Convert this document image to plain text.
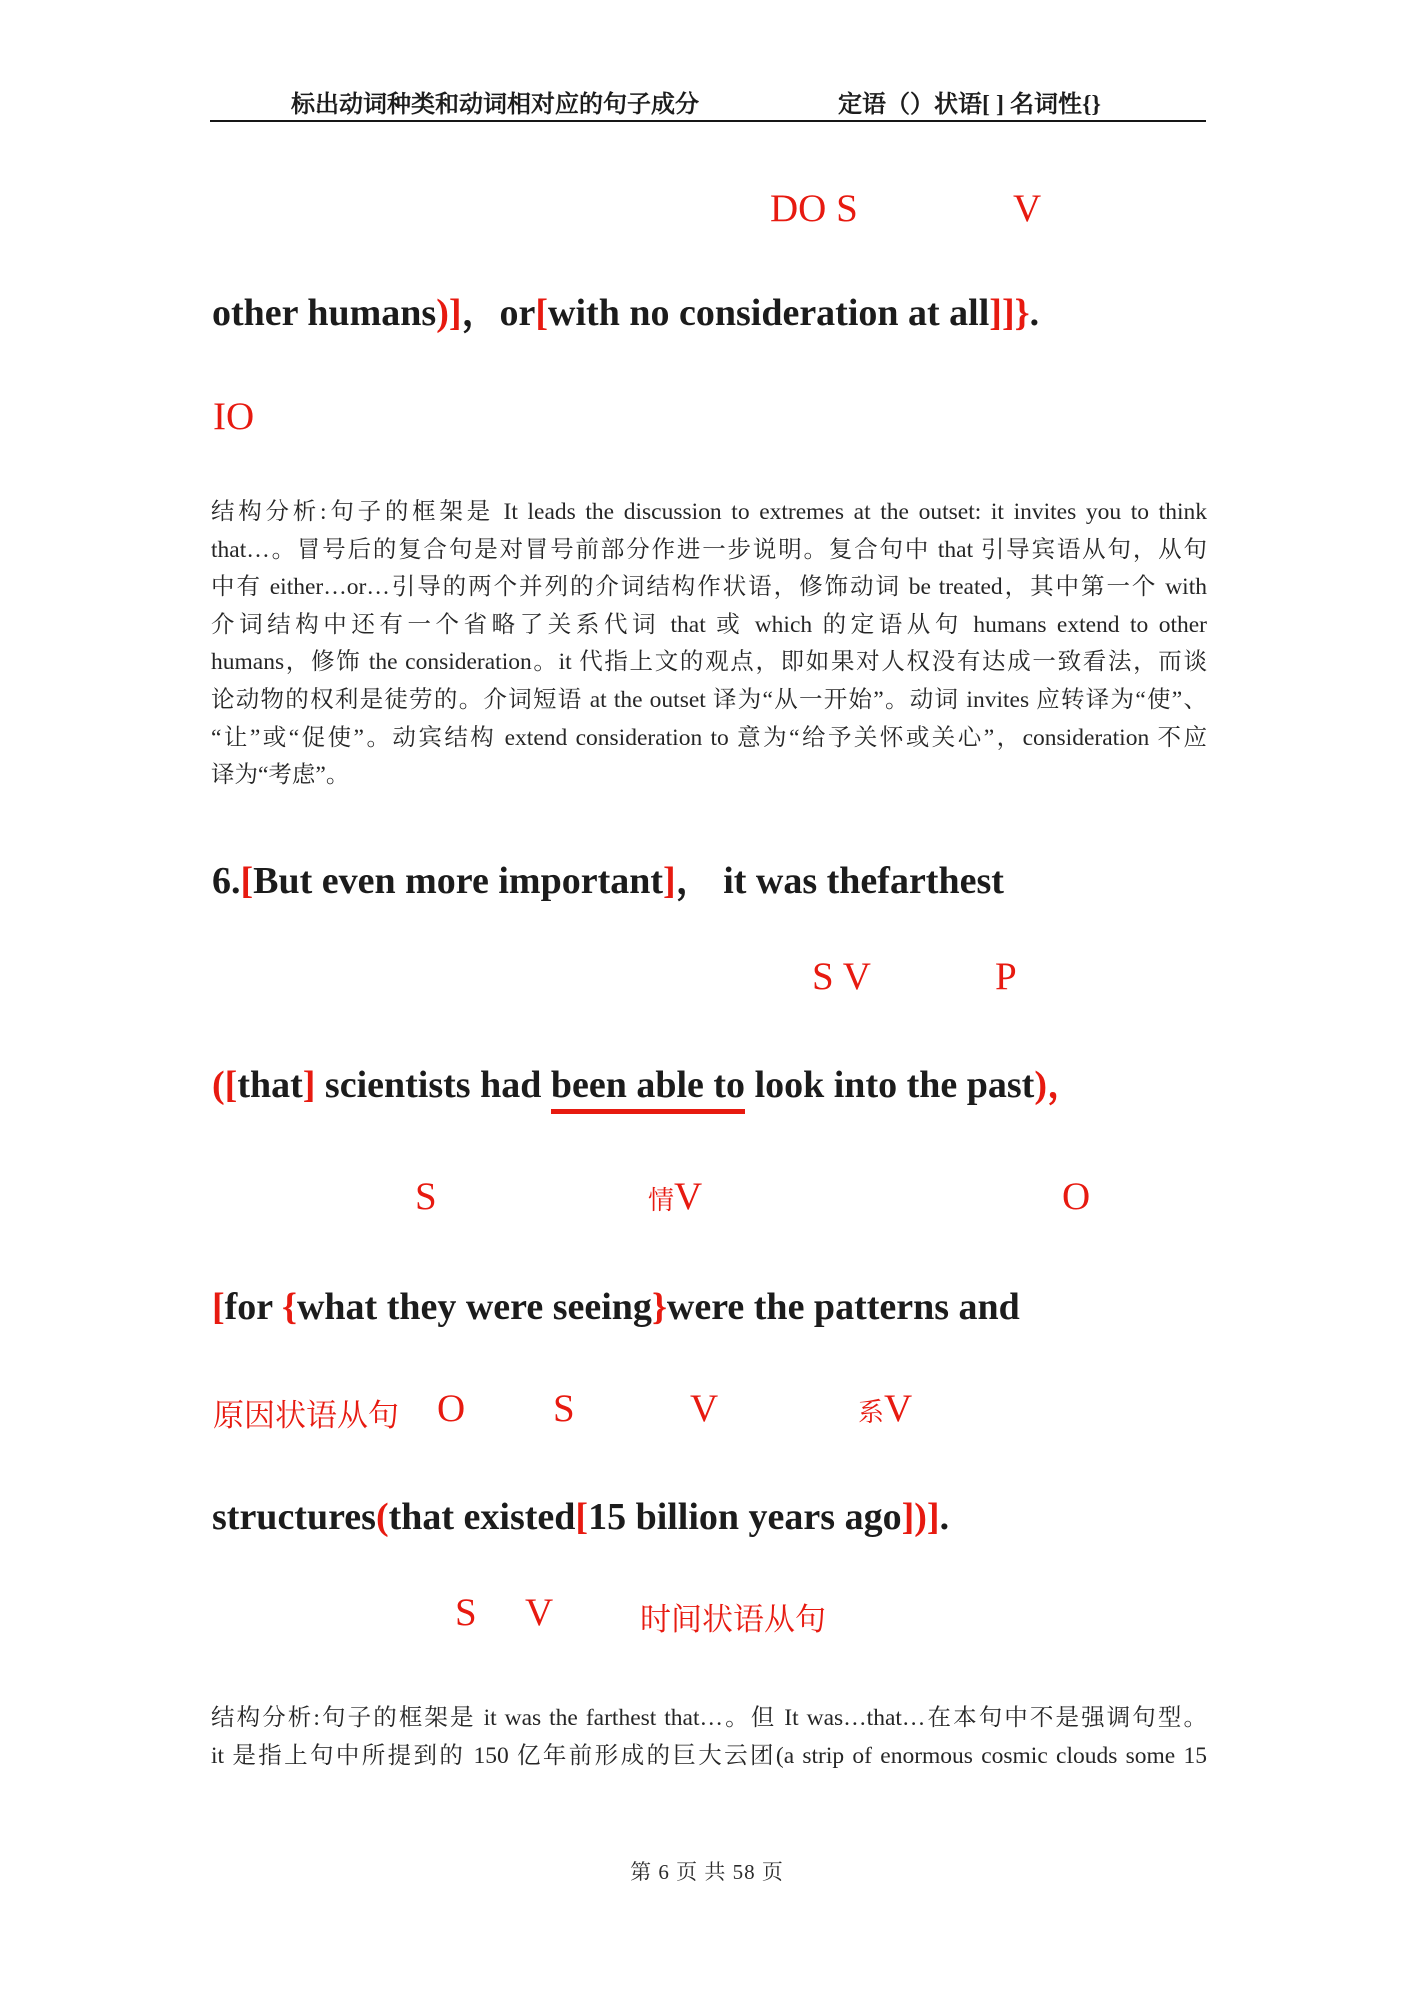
标出动词种类和动词相对应的句子成分	定语（）状语[ ] 名词性{}
DO S	V
other humans)]，or[with no consideration at all]]}.
IO
结构分析:句子的框架是 It leads the discussion to extremes at the outset: it invites you to think
that…。冒号后的复合句是对冒号前部分作进一步说明。复合句中 that 引导宾语从句，从句
中有 either…or…引导的两个并列的介词结构作状语，修饰动词 be treated，其中第一个 with
介词结构中还有一个省略了关系代词 that 或 which 的定语从句 humans extend to other
humans，修饰 the consideration。it 代指上文的观点，即如果对人权没有达成一致看法，而谈
论动物的权利是徒劳的。介词短语 at the outset 译为“从一开始”。动词 invites 应转译为“使”、
“让”或“促使”。动宾结构 extend consideration to 意为“给予关怀或关心”，consideration 不应
译为“考虑”。
6.[But even more important]， it was thefarthest
S V	P
([that] scientists had been able to look into the past)，
S	情V	O
[for {what they were seeing}were the patterns and
原因状语从句 O S	V	系V
structures(that existed[15 billion years ago])].
S V	时间状语从句
结构分析:句子的框架是 it was the farthest that…。但 It was…that…在本句中不是强调句型。
it 是指上句中所提到的 150 亿年前形成的巨大云团(a strip of enormous cosmic clouds some 15
第 6 页 共 58 页
